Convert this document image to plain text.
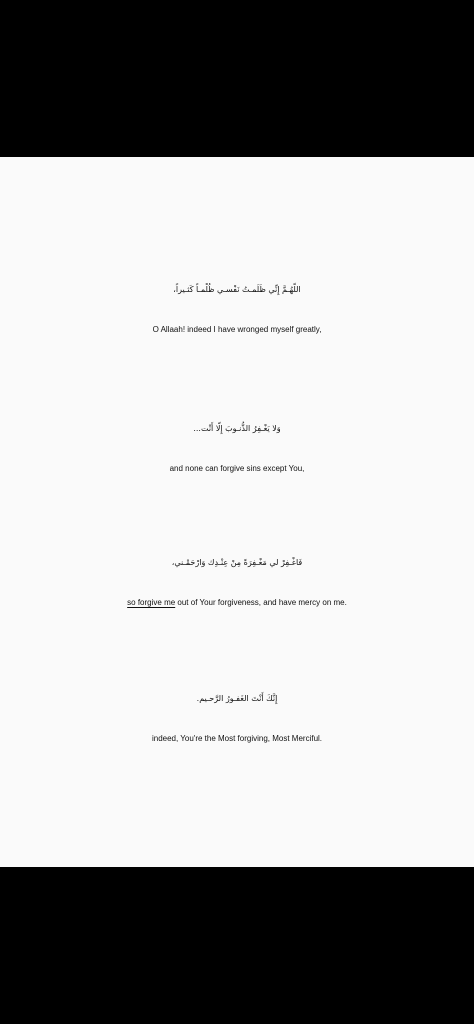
اللّهُـمَّ إِنِّي ظَلَمـتُ نَفْسـي ظُلْمـاً كَثـيراً،
O Allaah! indeed I have wronged myself greatly,
وَلا يَغْـفِرُ الذُّنـوبَ إِلّا أَنْت...
and none can forgive sins except You,
فَاغْـفِرْ لي مَغْـفِرَةً مِنْ عِنْـدِك وَارْحَمْـني،
so forgive me out of Your forgiveness, and have mercy on me.
إِنَّكَ أَنْتَ الغَفـورُ الرَّحـيم.
indeed, You're the Most forgiving, Most Merciful.
